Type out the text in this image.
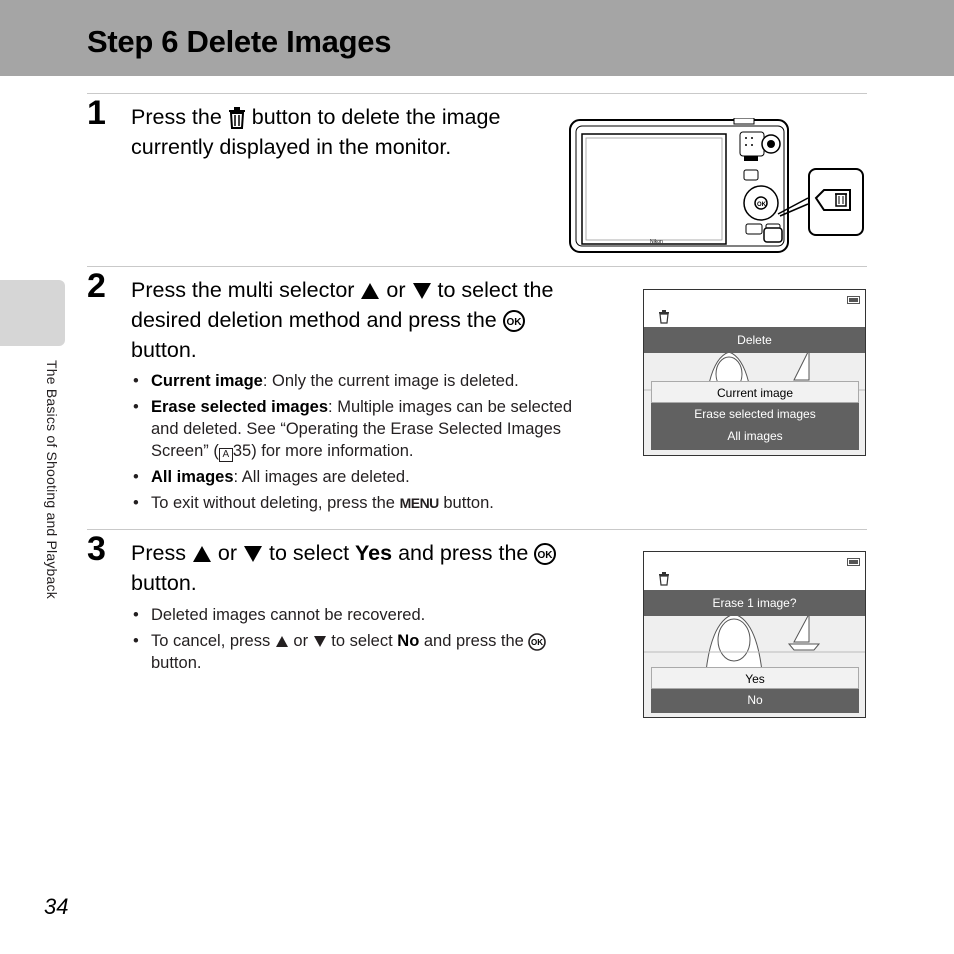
Step 6 Delete Images
The Basics of Shooting and Playback
1 Press the  button to delete the image
currently displayed in the monitor.
Nikon
OK
2 Press the multi selector  or  to select the
desired deletion method and press the OK
button.
• Current image: Only the current image is deleted.
• Erase selected images: Multiple images can be selected
and deleted. See “Operating the Erase Selected Images
Screen” ( A 35) for more information.
• All images: All images are deleted.
• To exit without deleting, press the MENU button.
Delete
Current image
Erase selected images
All images
3 Press  or  to select Yes and press the OK
button.
• Deleted images cannot be recovered.
• To cancel, press  or  to select No and press the OK
button.
Erase 1 image?
Yes
No
34
